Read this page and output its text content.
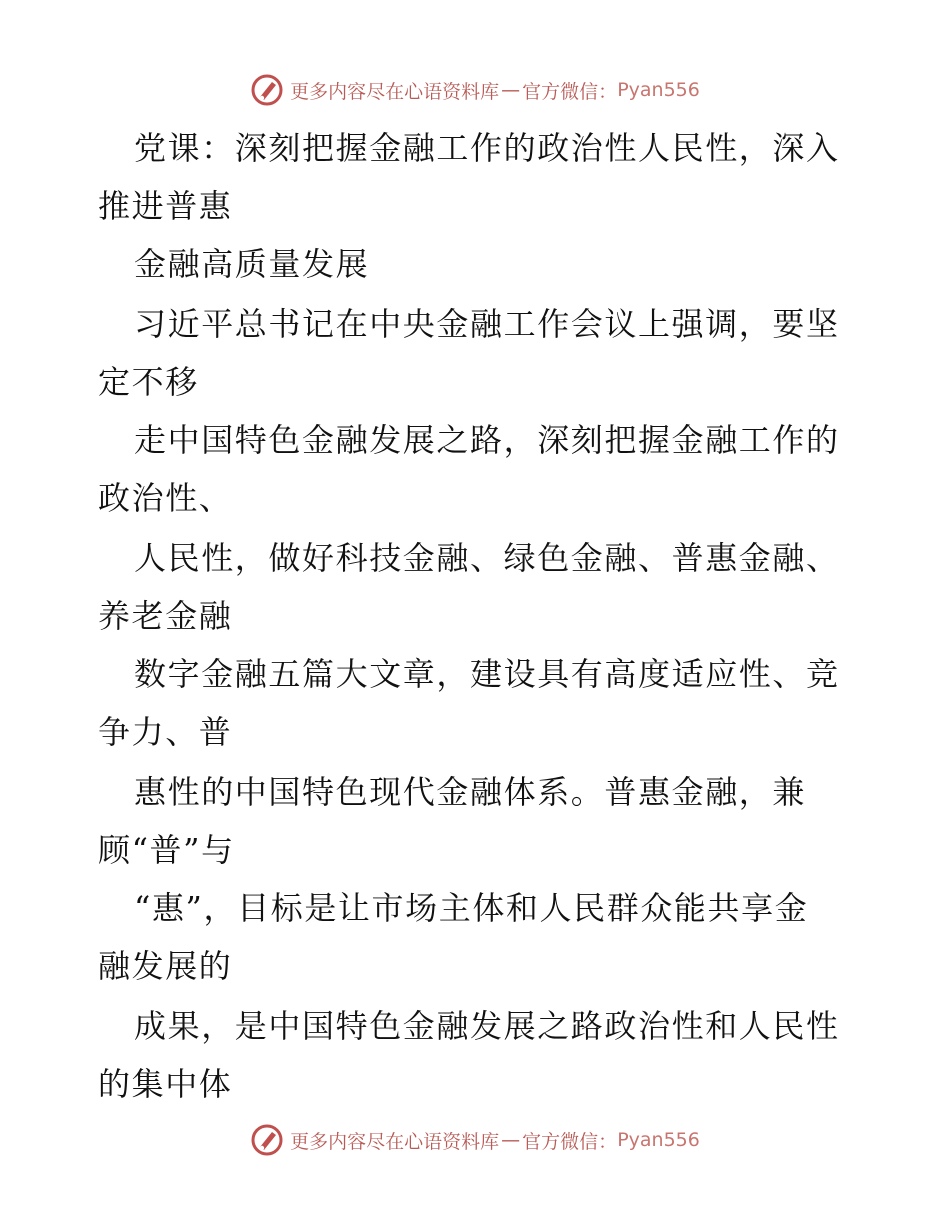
更多内容尽在心语资料库 — 官方微信： Pyan556
党课：深刻把握金融工作的政治性人民性，深入
推进普惠
金融高质量发展
习近平总书记在中央金融工作会议上强调，要坚
定不移
走中国特色金融发展之路，深刻把握金融工作的
政治性、
人民性，做好科技金融、绿色金融、普惠金融、
养老金融
数字金融五篇大文章，建设具有高度适应性、竞
争力、普
惠性的中国特色现代金融体系。普惠金融，兼
顾“普”与
“惠”，目标是让市场主体和人民群众能共享金
融发展的
成果，是中国特色金融发展之路政治性和人民性
的集中体
更多内容尽在心语资料库 — 官方微信： Pyan556
